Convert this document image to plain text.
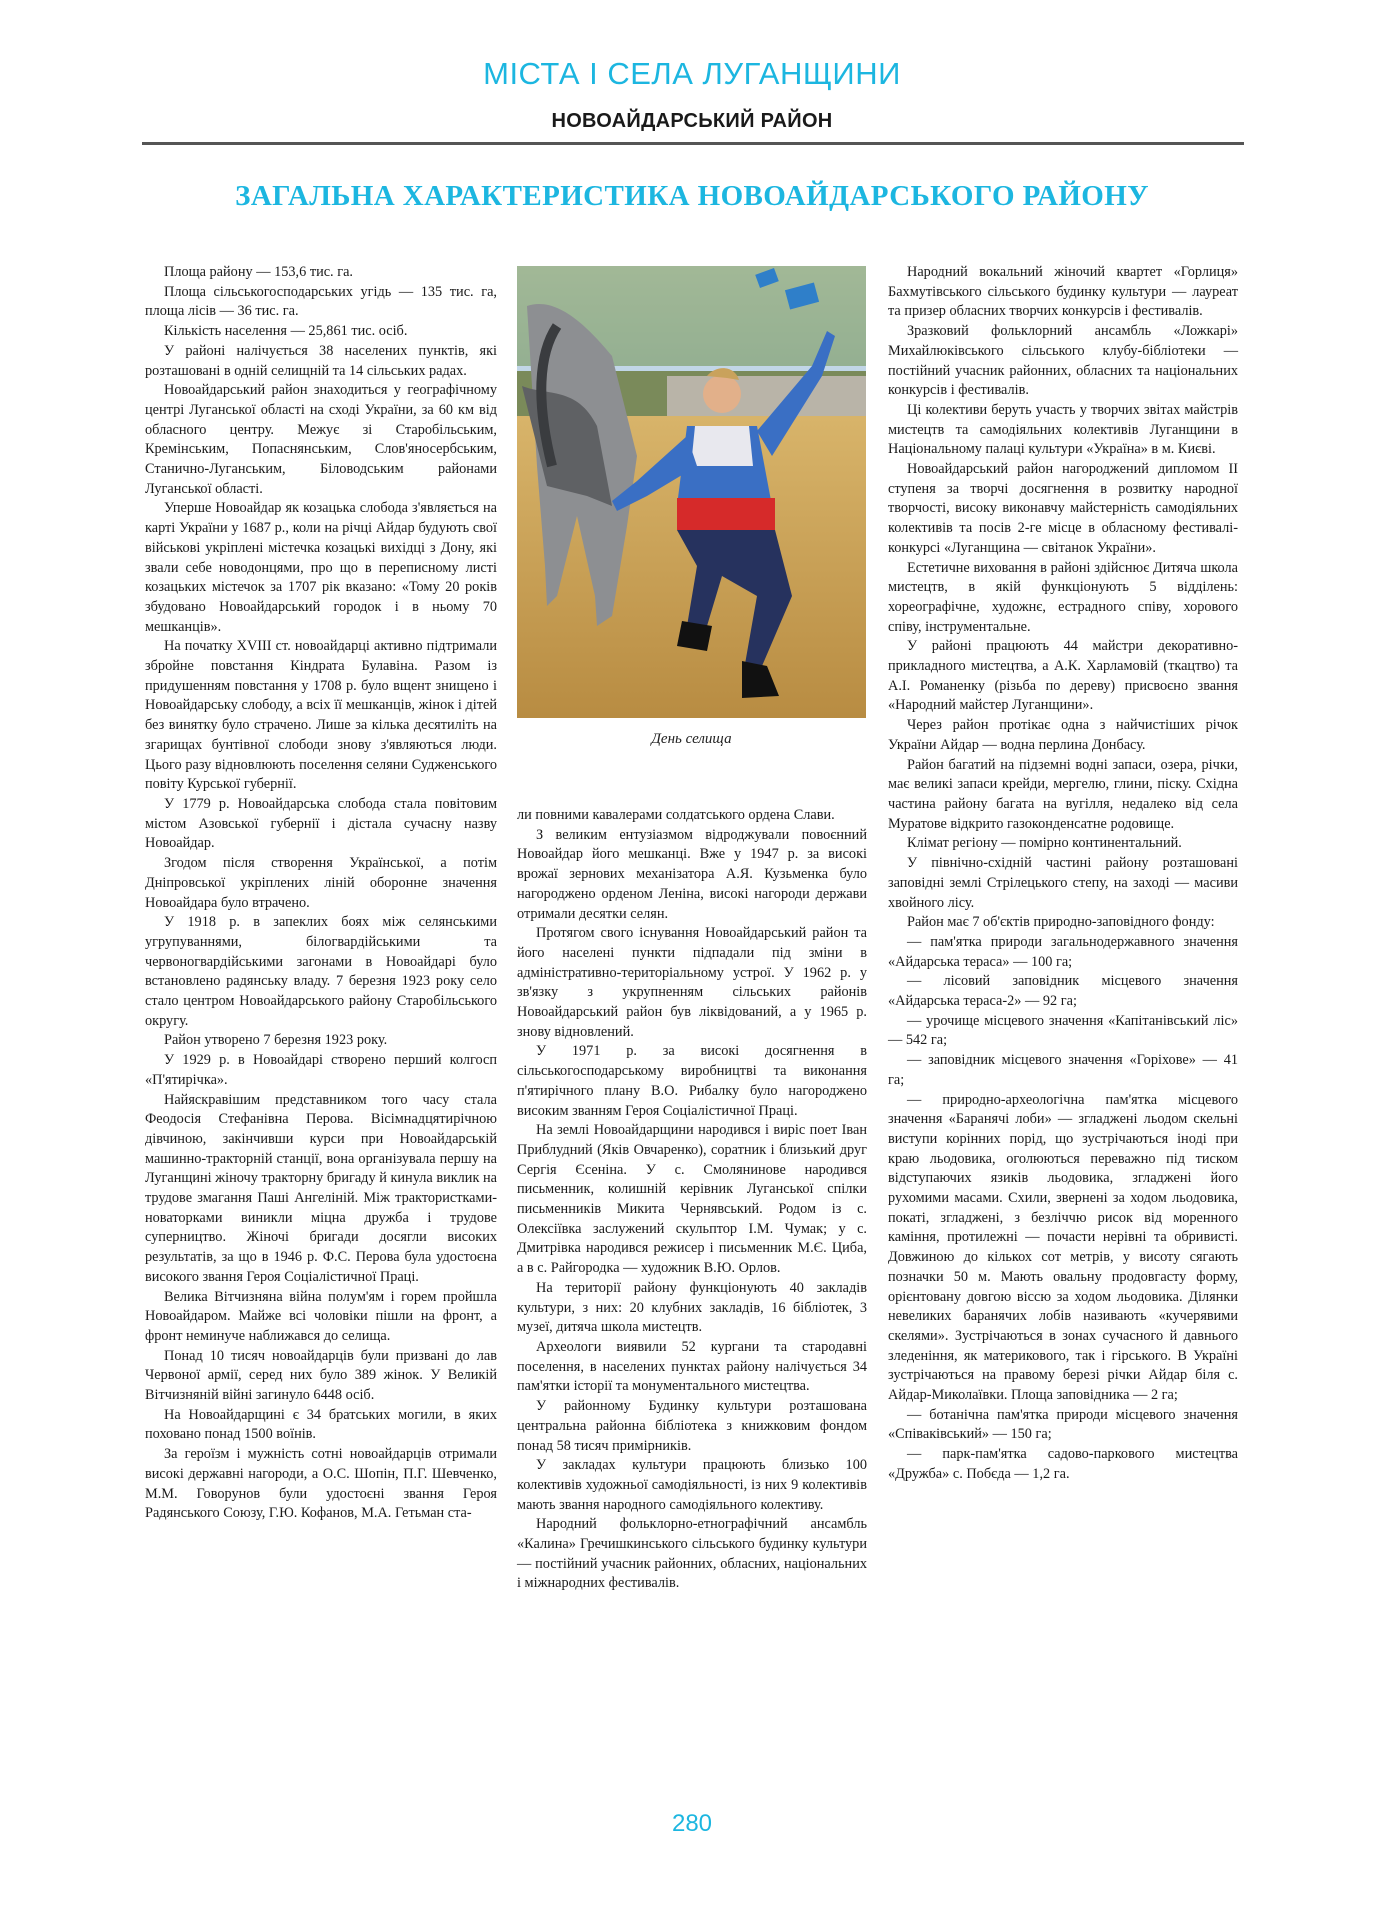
МІСТА І СЕЛА ЛУГАНЩИНИ
НОВОАЙДАРСЬКИЙ РАЙОН
ЗАГАЛЬНА ХАРАКТЕРИСТИКА НОВОАЙДАРСЬКОГО РАЙОНУ

Площа району — 153,6 тис. га.

Площа сільськогосподарських угідь — 135 тис. га, площа лісів — 36 тис. га.

Кількість населення — 25,861 тис. осіб.

У районі налічується 38 населених пунктів, які розташовані в одній селищній та 14 сільських радах.

Новоайдарський район знаходиться у географічному центрі Луганської області на сході України, за 60 км від обласного центру. Межує зі Старобільським, Кремінським, Попаснянським, Слов'яносербським, Станично-Луганським, Біловодським районами Луганської області.

Уперше Новоайдар як козацька слобода з'являється на карті України у 1687 р., коли на річці Айдар будують свої військові укріплені містечка козацькі вихідці з Дону, які звали себе новодонцями, про що в переписному листі козацьких містечок за 1707 рік вказано: «Тому 20 років збудовано Новоайдарський городок і в ньому 70 мешканців».

На початку XVIII ст. новоайдарці активно підтримали збройне повстання Кіндрата Булавіна. Разом із придушенням повстання у 1708 р. було вщент знищено і Новоайдарську слободу, а всіх її мешканців, жінок і дітей без винятку було страчено. Лише за кілька десятиліть на згарищах бунтівної слободи знову з'являються люди. Цього разу відновлюють поселення селяни Судженського повіту Курської губернії.

У 1779 р. Новоайдарська слобода стала повітовим містом Азовської губернії і дістала сучасну назву Новоайдар.

Згодом після створення Української, а потім Дніпровської укріплених ліній оборонне значення Новоайдара було втрачено.

У 1918 р. в запеклих боях між селянськими угрупуваннями, білогвардійськими та червоногвардійськими загонами в Новоайдарі було встановлено радянську владу. 7 березня 1923 року село стало центром Новоайдарського району Старобільського округу.

Район утворено 7 березня 1923 року.

У 1929 р. в Новоайдарі створено перший колгосп «П'ятирічка».

Найяскравішим представником того часу стала Феодосія Стефанівна Перова. Вісімнадцятирічною дівчиною, закінчивши курси при Новоайдарській машинно-тракторній станції, вона організувала першу на Луганщині жіночу тракторну бригаду й кинула виклик на трудове змагання Паші Ангеліній. Між трактористками-новаторками виникли міцна дружба і трудове суперництво. Жіночі бригади досягли високих результатів, за що в 1946 р. Ф.С. Перова була удостоєна високого звання Героя Соціалістичної Праці.

Велика Вітчизняна війна полум'ям і горем пройшла Новоайдаром. Майже всі чоловіки пішли на фронт, а фронт неминуче наближався до селища.

Понад 10 тисяч новоайдарців були призвані до лав Червоної армії, серед них було 389 жінок. У Великій Вітчизняній війні загинуло 6448 осіб.

На Новоайдарщині є 34 братських могили, в яких поховано понад 1500 воїнів.

За героїзм і мужність сотні новоайдарців отримали високі державні нагороди, а О.С. Шопін, П.Г. Шевченко, М.М. Говорунов були удостоєні звання Героя Радянського Союзу, Г.Ю. Кофанов, М.А. Гетьман ста-

День селища

ли повними кавалерами солдатського ордена Слави.

З великим ентузіазмом відроджували повоєнний Новоайдар його мешканці. Вже у 1947 р. за високі врожаї зернових механізатора А.Я. Кузьменка було нагороджено орденом Леніна, високі нагороди держави отримали десятки селян.

Протягом свого існування Новоайдарський район та його населені пункти підпадали під зміни в адміністративно-територіальному устрої. У 1962 р. у зв'язку з укрупненням сільських районів Новоайдарський район був ліквідований, а у 1965 р. знову відновлений.

У 1971 р. за високі досягнення в сільськогосподарському виробництві та виконання п'ятирічного плану В.О. Рибалку було нагороджено високим званням Героя Соціалістичної Праці.

На землі Новоайдарщини народився і виріс поет Іван Приблудний (Яків Овчаренко), соратник і близький друг Сергія Єсеніна. У с. Смолянинове народився письменник, колишній керівник Луганської спілки письменників Микита Чернявський. Родом із с. Олексіївка заслужений скульптор І.М. Чумак; у с. Дмитрівка народився режисер і письменник М.Є. Циба, а в с. Райгородка — художник В.Ю. Орлов.

На території району функціонують 40 закладів культури, з них: 20 клубних закладів, 16 бібліотек, 3 музеї, дитяча школа мистецтв.

Археологи виявили 52 кургани та стародавні поселення, в населених пунктах району налічується 34 пам'ятки історії та монументального мистецтва.

У районному Будинку культури розташована центральна районна бібліотека з книжковим фондом понад 58 тисяч примірників.

У закладах культури працюють близько 100 колективів художньої самодіяльності, із них 9 колективів мають звання народного самодіяльного колективу.

Народний фольклорно-етнографічний ансамбль «Калина» Гречишкинського сільського будинку культури — постійний учасник районних, обласних, національних і міжнародних фестивалів.

Народний вокальний жіночий квартет «Горлиця» Бахмутівського сільського будинку культури — лауреат та призер обласних творчих конкурсів і фестивалів.

Зразковий фольклорний ансамбль «Ложкарі» Михайлюківського сільського клубу-бібліотеки — постійний учасник районних, обласних та національних конкурсів і фестивалів.

Ці колективи беруть участь у творчих звітах майстрів мистецтв та самодіяльних колективів Луганщини в Національному палаці культури «Україна» в м. Києві.

Новоайдарський район нагороджений дипломом II ступеня за творчі досягнення в розвитку народної творчості, високу виконавчу майстерність самодіяльних колективів та посів 2-ге місце в обласному фестивалі-конкурсі «Луганщина — світанок України».

Естетичне виховання в районі здійснює Дитяча школа мистецтв, в якій функціонують 5 відділень: хореографічне, художнє, естрадного співу, хорового співу, інструментальне.

У районі працюють 44 майстри декоративно-прикладного мистецтва, а А.К. Харламовій (ткацтво) та А.І. Романенку (різьба по дереву) присвоєно звання «Народний майстер Луганщини».

Через район протікає одна з найчистіших річок України Айдар — водна перлина Донбасу.

Район багатий на підземні водні запаси, озера, річки, має великі запаси крейди, мергелю, глини, піску. Східна частина району багата на вугілля, недалеко від села Муратове відкрито газоконденсатне родовище.

Клімат регіону — помірно континентальний.

У північно-східній частині району розташовані заповідні землі Стрілецького степу, на заході — масиви хвойного лісу.

Район має 7 об'єктів природно-заповідного фонду:

— пам'ятка природи загальнодержавного значення «Айдарська тераса» — 100 га;

— лісовий заповідник місцевого значення «Айдарська тераса-2» — 92 га;

— урочище місцевого значення «Капітанівський ліс» — 542 га;

— заповідник місцевого значення «Горіхове» — 41 га;

— природно-археологічна пам'ятка місцевого значення «Баранячі лоби» — згладжені льодом скельні виступи корінних порід, що зустрічаються іноді при краю льодовика, оголюються переважно під тиском відступаючих язиків льодовика, згладжені його рухомими масами. Схили, звернені за ходом льодовика, покаті, згладжені, з безліччю рисок від моренного каміння, протилежні — почасти нерівні та обривисті. Довжиною до кількох сот метрів, у висоту сягають позначки 50 м. Мають овальну продовгасту форму, орієнтовану довгою віссю за ходом льодовика. Ділянки невеликих баранячих лобів називають «кучерявими скелями». Зустрічаються в зонах сучасного й давнього зледеніння, як материкового, так і гірського. В Україні зустрічаються на правому березі річки Айдар біля с. Айдар-Миколаївки. Площа заповідника — 2 га;

— ботанічна пам'ятка природи місцевого значення «Співаківський» — 150 га;

— парк-пам'ятка садово-паркового мистецтва «Дружба» с. Побєда — 1,2 га.

280
